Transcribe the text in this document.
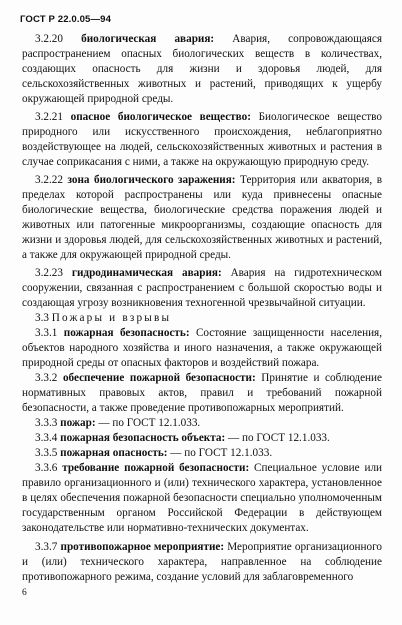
ГОСТ Р 22.0.05—94

3.2.20 биологическая авария: Авария, сопровождающаяся распространением опасных биологических веществ в количествах, создающих опасность для жизни и здоровья людей, для сельскохозяйственных животных и растений, приводящих к ущербу окружающей природной среды.

3.2.21 опасное биологическое вещество: Биологическое вещество природного или искусственного происхождения, неблагоприятно воздействующее на людей, сельскохозяйственных животных и растения в случае соприкасания с ними, а также на окружающую природную среду.

3.2.22 зона биологического заражения: Территория или акватория, в пределах которой распространены или куда привнесены опасные биологические вещества, биологические средства поражения людей и животных или патогенные микроорганизмы, создающие опасность для жизни и здоровья людей, для сельскохозяйственных животных и растений, а также для окружающей природной среды.

3.2.23 гидродинамическая авария: Авария на гидротехническом сооружении, связанная с распространением с большой скоростью воды и создающая угрозу возникновения техногенной чрезвычайной ситуации.

3.3 Пожары и взрывы

3.3.1 пожарная безопасность: Состояние защищенности населения, объектов народного хозяйства и иного назначения, а также окружающей природной среды от опасных факторов и воздействий пожара.

3.3.2 обеспечение пожарной безопасности: Принятие и соблюдение нормативных правовых актов, правил и требований пожарной безопасности, а также проведение противопожарных мероприятий.

3.3.3 пожар: — по ГОСТ 12.1.033.

3.3.4 пожарная безопасность объекта: — по ГОСТ 12.1.033.

3.3.5 пожарная опасность: — по ГОСТ 12.1.033.

3.3.6 требование пожарной безопасности: Специальное условие или правило организационного и (или) технического характера, установленное в целях обеспечения пожарной безопасности специально уполномоченным государственным органом Российской Федерации в действующем законодательстве или нормативно-технических документах.

3.3.7 противопожарное мероприятие: Мероприятие организационного и (или) технического характера, направленное на соблюдение противопожарного режима, создание условий для заблаговременного

6
